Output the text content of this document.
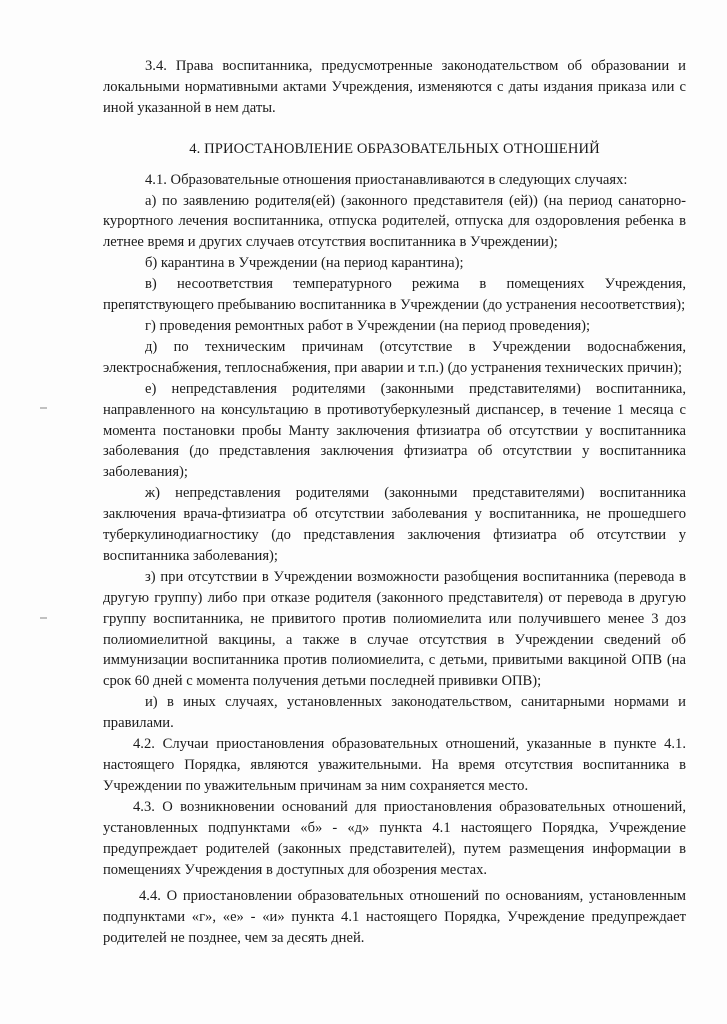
3.4. Права воспитанника, предусмотренные законодательством об образовании и локальными нормативными актами Учреждения, изменяются с даты издания приказа или с иной указанной в нем даты.

4. ПРИОСТАНОВЛЕНИЕ ОБРАЗОВАТЕЛЬНЫХ ОТНОШЕНИЙ

4.1. Образовательные отношения приостанавливаются в следующих случаях:

а) по заявлению родителя(ей) (законного представителя (ей)) (на период санаторно-курортного лечения воспитанника, отпуска родителей, отпуска для оздоровления ребенка в летнее время и других случаев отсутствия воспитанника в Учреждении);

б) карантина в Учреждении (на период карантина);

в) несоответствия температурного режима в помещениях Учреждения, препятствующего пребыванию воспитанника в Учреждении (до устранения несоответствия);

г) проведения ремонтных работ в Учреждении (на период проведения);

д) по техническим причинам (отсутствие в Учреждении водоснабжения, электроснабжения, теплоснабжения, при аварии и т.п.) (до устранения технических причин);

е) непредставления родителями (законными представителями) воспитанника, направленного на консультацию в противотуберкулезный диспансер, в течение 1 месяца с момента постановки пробы Манту заключения фтизиатра об отсутствии у воспитанника заболевания (до представления заключения фтизиатра об отсутствии у воспитанника заболевания);

ж) непредставления родителями (законными представителями) воспитанника заключения врача-фтизиатра об отсутствии заболевания у воспитанника, не прошедшего туберкулинодиагностику (до представления заключения фтизиатра об отсутствии у воспитанника заболевания);

з) при отсутствии в Учреждении возможности разобщения воспитанника (перевода в другую группу) либо при отказе родителя (законного представителя) от перевода в другую группу воспитанника, не привитого против полиомиелита или получившего менее 3 доз полиомиелитной вакцины, а также в случае отсутствия в Учреждении сведений об иммунизации воспитанника против полиомиелита, с детьми, привитыми вакциной ОПВ (на срок 60 дней с момента получения детьми последней прививки ОПВ);

и) в иных случаях, установленных законодательством, санитарными нормами и правилами.

4.2. Случаи приостановления образовательных отношений, указанные в пункте 4.1. настоящего Порядка, являются уважительными. На время отсутствия воспитанника в Учреждении по уважительным причинам за ним сохраняется место.

4.3. О возникновении оснований для приостановления образовательных отношений, установленных подпунктами «б» - «д» пункта 4.1 настоящего Порядка, Учреждение предупреждает родителей (законных представителей), путем размещения информации в помещениях Учреждения в доступных для обозрения местах.

4.4. О приостановлении образовательных отношений по основаниям, установленным подпунктами «г», «е» - «и» пункта 4.1 настоящего Порядка, Учреждение предупреждает родителей не позднее, чем за десять дней.
